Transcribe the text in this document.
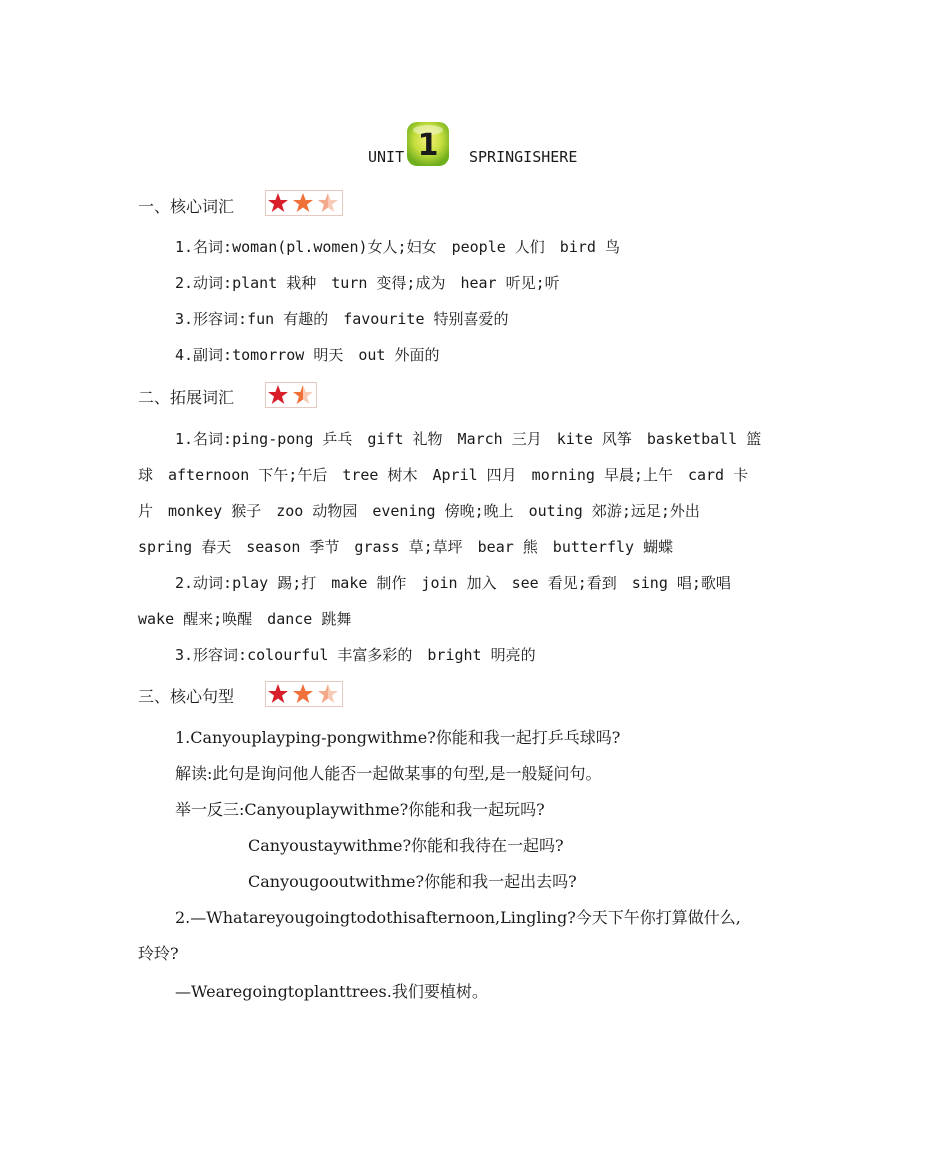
UNIT 1 SPRINGISHERE
一、核心词汇
1.名词:woman(pl.women)女人;妇女　people 人们　bird 鸟
2.动词:plant 栽种　turn 变得;成为　hear 听见;听
3.形容词:fun 有趣的　favourite 特别喜爱的
4.副词:tomorrow 明天　out 外面的
二、拓展词汇
1.名词:ping-pong 乒乓　gift 礼物　March 三月　kite 风筝　basketball 篮
球　afternoon 下午;午后　tree 树木　April 四月　morning 早晨;上午　card 卡
片　monkey 猴子　zoo 动物园　evening 傍晚;晚上　outing 郊游;远足;外出
spring 春天　season 季节　grass 草;草坪　bear 熊　butterfly 蝴蝶
2.动词:play 踢;打　make 制作　join 加入　see 看见;看到　sing 唱;歌唱
wake 醒来;唤醒　dance 跳舞
3.形容词:colourful 丰富多彩的　bright 明亮的
三、核心句型
1.Canyouplayping-pongwithme?你能和我一起打乒乓球吗?
解读:此句是询问他人能否一起做某事的句型,是一般疑问句。
举一反三:Canyouplaywithme?你能和我一起玩吗?
Canyoustaywithme?你能和我待在一起吗?
Canyougooutwithme?你能和我一起出去吗?
2.—Whatareyougoingtodothisafternoon,Lingling?今天下午你打算做什么,
玲玲?
—Wearegoingtoplanttrees.我们要植树。
